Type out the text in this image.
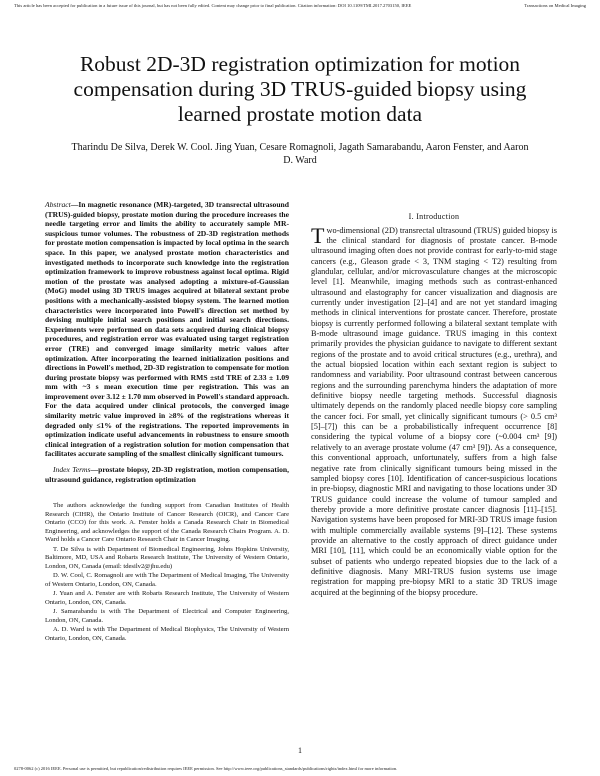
Transactions on Medical Imaging
This article has been accepted for publication in a future issue of this journal, but has not been fully edited. Content may change prior to final publication. Citation information: DOI 10.1109/TMI.2017.2703150, IEEE
Robust 2D-3D registration optimization for motion compensation during 3D TRUS-guided biopsy using learned prostate motion data
Tharindu De Silva, Derek W. Cool. Jing Yuan, Cesare Romagnoli, Jagath Samarabandu, Aaron Fenster, and Aaron D. Ward

Abstract—In magnetic resonance (MR)-targeted, 3D transrectal ultrasound (TRUS)-guided biopsy, prostate motion during the procedure increases the needle targeting error and limits the ability to accurately sample MR-suspicious tumor volumes. The robustness of 2D-3D registration methods for prostate motion compensation is impacted by local optima in the search space. In this paper, we analysed prostate motion characteristics and investigated methods to incorporate such knowledge into the registration optimization framework to improve robustness against local optima. Rigid motion of the prostate was analysed adopting a mixture-of-Gaussian (MoG) model using 3D TRUS images acquired at bilateral sextant probe positions with a mechanically-assisted biopsy system. The learned motion characteristics were incorporated into Powell's direction set method by devising multiple initial search positions and initial search directions. Experiments were performed on data sets acquired during clinical biopsy procedures, and registration error was evaluated using target registration error (TRE) and converged image similarity metric values after optimization. After incorporating the learned initialization positions and directions in Powell's method, 2D-3D registration to compensate for motion during prostate biopsy was performed with RMS ±std TRE of 2.33 ± 1.09 mm with ~3 s mean execution time per registration. This was an improvement over 3.12 ± 1.70 mm observed in Powell's standard approach. For the data acquired under clinical protocols, the converged image similarity metric value improved in ≥8% of the registrations whereas it degraded only ≤1% of the registrations. The reported improvements in optimization indicate useful advancements in robustness to ensure smooth clinical integration of a registration solution for motion compensation that facilitates accurate sampling of the smallest clinically significant tumours.

Index Terms—prostate biopsy, 2D-3D registration, motion compensation, ultrasound guidance, registration optimization

The authors acknowledge the funding support from Canadian Institutes of Health Research (CIHR), the Ontario Institute of Cancer Research (OICR), and Cancer Care Ontario (CCO) for this work. A. Fenster holds a Canada Research Chair in Biomedical Engineering, and acknowledges the support of the Canada Research Chairs Program. A. D. Ward holds a Cancer Care Ontario Research Chair in Cancer Imaging.

T. De Silva is with Department of Biomedical Engineering, Johns Hopkins University, Baltimore, MD, USA and Robarts Research Institute, The University of Western Ontario, London, ON, Canada (email: tdesilv2@jhu.edu)

D. W. Cool, C. Romagnoli are with The Department of Medical Imaging, The University of Western Ontario, London, ON, Canada.

J. Yuan and A. Fenster are with Robarts Research Institute, The University of Western Ontario, London, ON, Canada.

J. Samarabandu is with The Department of Electrical and Computer Engineering, London, ON, Canada.

A. D. Ward is with The Department of Medical Biophysics, The University of Western Ontario, London, ON, Canada.

I. Introduction

Two-dimensional (2D) transrectal ultrasound (TRUS) guided biopsy is the clinical standard for diagnosis of prostate cancer. B-mode ultrasound imaging often does not provide contrast for early-to-mid stage cancers (e.g., Gleason grade < 3, TNM staging < T2) resulting from glandular, cellular, and/or microvasculature changes at the microscopic level [1]. Meanwhile, imaging methods such as contrast-enhanced ultrasound and elastography for cancer visualization and diagnosis are currently under investigation [2]–[4] and are not yet standard imaging methods in clinical interventions for prostate cancer. Therefore, prostate biopsy is currently performed following a bilateral sextant template with B-mode ultrasound image guidance. TRUS imaging in this context primarily provides the physician guidance to navigate to different sextant regions of the prostate and to avoid critical structures (e.g., urethra), and the actual biopsied location within each sextant region is subject to randomness and variability. Poor ultrasound contrast between cancerous regions and the surrounding parenchyma hinders the adaptation of more definitive biopsy needle targeting methods. Successful diagnosis ultimately depends on the randomly placed needle biopsy core sampling the cancer foci. For small, yet clinically significant tumours (> 0.5 cm³ [5]–[7]) this can be a probabilistically infrequent occurrence [8] considering the typical volume of a biopsy core (~0.004 cm³ [9]) relatively to an average prostate volume (47 cm³ [9]). As a consequence, this conventional approach, unfortunately, suffers from a high false negative rate from clinically significant tumours being missed in the sampled biopsy cores [10]. Identification of cancer-suspicious locations in pre-biopsy, diagnostic MRI and navigating to those locations under 3D TRUS guidance could increase the volume of tumour sampled and thereby provide a more definitive prostate cancer diagnosis [11]–[15]. Navigation systems have been proposed for MRI-3D TRUS image fusion with multiple commercially available systems [9]–[12]. These systems provide an alternative to the costly approach of direct guidance under MRI [10], [11], which could be an economically viable option for the subset of patients who undergo repeated biopsies due to the lack of a definitive diagnosis. Many MRI-TRUS fusion systems use image registration for mapping pre-biopsy MRI to a static 3D TRUS image acquired at the beginning of the biopsy procedure.

1
0278-0062 (c) 2016 IEEE. Personal use is permitted, but republication/redistribution requires IEEE permission. See http://www.ieee.org/publications_standards/publications/rights/index.html for more information.
